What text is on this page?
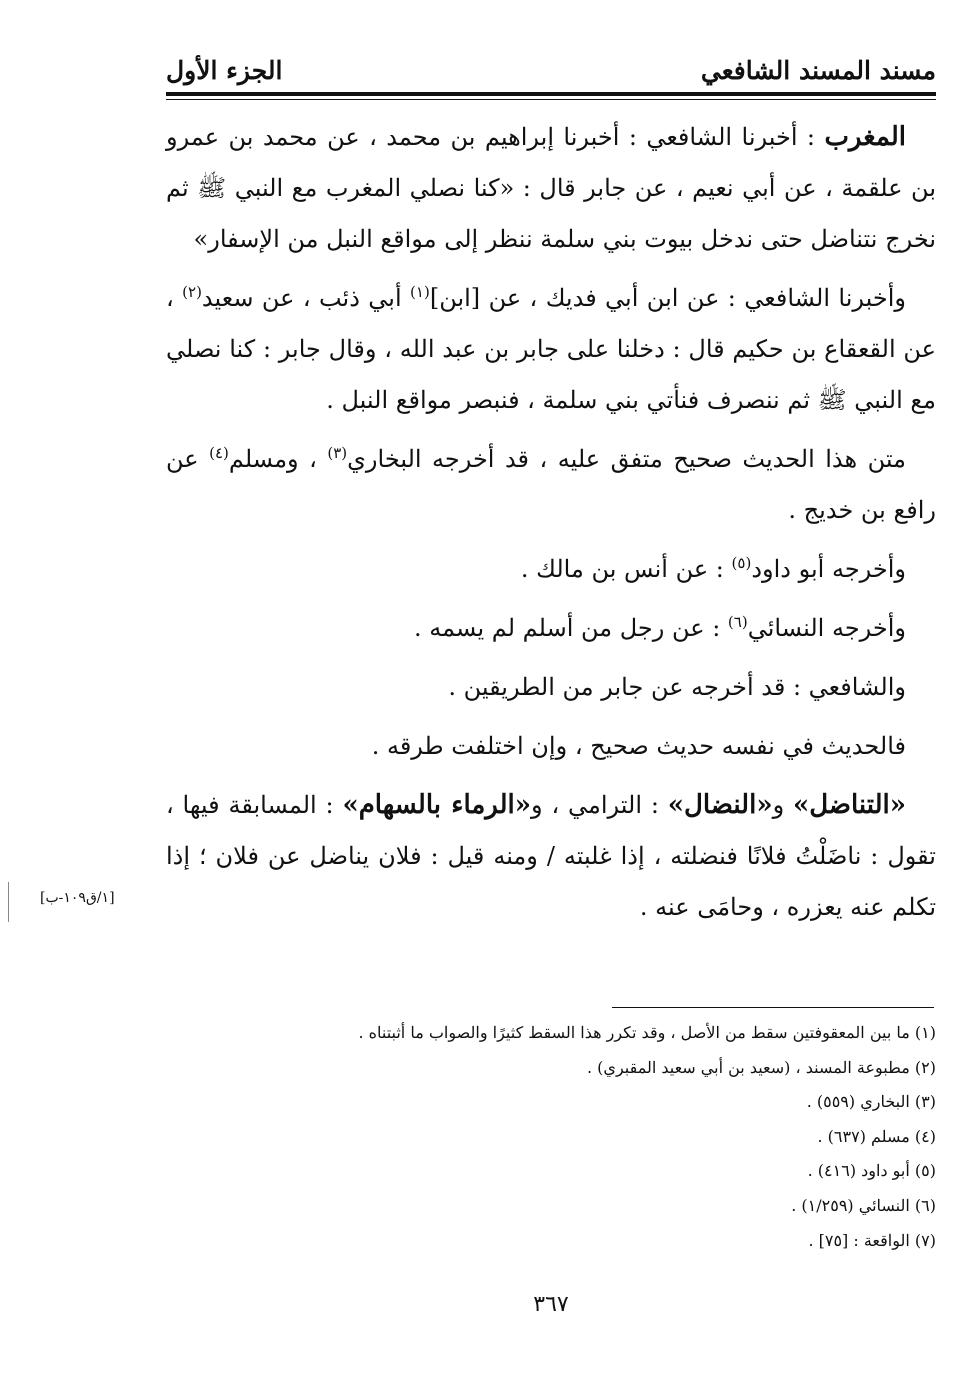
مسند ال‍مسند الشافعي
الجزء الأول

المغرب : أخبرنا الشافعي : أخبرنا إبراهيم بن محمد ، عن محمد بن عمرو بن علقمة ، عن أبي نعيم ، عن جابر قال : «كنا نصلي المغرب مع النبي ﷺ ثم نخرج نتناضل حتى ندخل بيوت بني سلمة ننظر إلى مواقع النبل من الإسفار»

وأخبرنا الشافعي : عن ابن أبي فديك ، عن [ابن]$^{(١)}$ أبي ذئب ، عن سعيد$^{(٢)}$ ، عن القعقاع بن حكيم قال : دخلنا على جابر بن عبد الله ، وقال جابر : كنا نصلي مع النبي ﷺ ثم ننصرف فنأتي بني سلمة ، فنبصر مواقع النبل .

متن هذا الحديث صحيح متفق عليه ، قد أخرجه البخاري$^{(٣)}$ ، ومسلم$^{(٤)}$ عن رافع بن خديج .

وأخرجه أبو داود$^{(٥)}$ : عن أنس بن مالك .

وأخرجه النسائي$^{(٦)}$ : عن رجل من أسلم لم يسمه .

والشافعي : قد أخرجه عن جابر من الطريقين .

فالحديث في نفسه حديث صحيح ، وإن اختلفت طرقه .

«التناضل» و«النضال» : الترامي ، و«الرماء بالسهام» : المسابقة فيها ، تقول : ناضَلْتُ فلانًا فنضلته ، إذا غلبته / ومنه قيل : فلان يناضل عن فلان ؛ إذا تكلم عنه يعزره ، وحامَى عنه .

[١/ق١٠٩-ب]
(١) ما بين المعقوفتين سقط من الأصل ، وقد تكرر هذا السقط كثيرًا والصواب ما أثبتناه .
(٢) مطبوعة المسند ، (سعيد بن أبي سعيد المقبري) .
(٣) البخاري (٥٥٩) .
(٤) مسلم (٦٣٧) .
(٥) أبو داود (٤١٦) .
(٦) النسائي (١/٢٥٩) .
(٧) الواقعة : [٧٥] .
٣٦٧
